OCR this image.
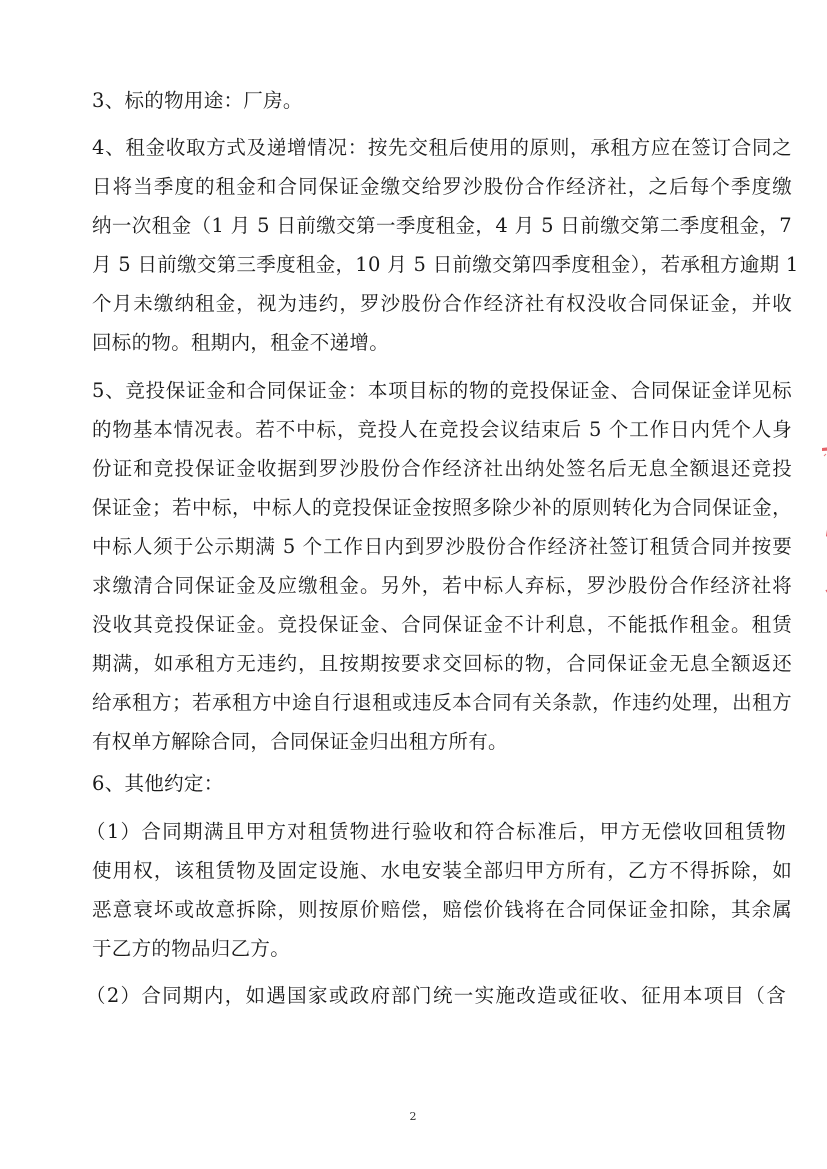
3、标的物用途：厂房。
4、租金收取方式及递增情况：按先交租后使用的原则，承租方应在签订合同之
日将当季度的租金和合同保证金缴交给罗沙股份合作经济社，之后每个季度缴
纳一次租金（1 月 5 日前缴交第一季度租金，4 月 5 日前缴交第二季度租金，7
月 5 日前缴交第三季度租金，10 月 5 日前缴交第四季度租金），若承租方逾期 1
个月未缴纳租金，视为违约，罗沙股份合作经济社有权没收合同保证金，并收
回标的物。租期内，租金不递增。
5、竞投保证金和合同保证金：本项目标的物的竞投保证金、合同保证金详见标
的物基本情况表。若不中标，竞投人在竞投会议结束后 5 个工作日内凭个人身
份证和竞投保证金收据到罗沙股份合作经济社出纳处签名后无息全额退还竞投
保证金；若中标，中标人的竞投保证金按照多除少补的原则转化为合同保证金，
中标人须于公示期满 5 个工作日内到罗沙股份合作经济社签订租赁合同并按要
求缴清合同保证金及应缴租金。另外，若中标人弃标，罗沙股份合作经济社将
没收其竞投保证金。竞投保证金、合同保证金不计利息，不能抵作租金。租赁
期满，如承租方无违约，且按期按要求交回标的物，合同保证金无息全额返还
给承租方；若承租方中途自行退租或违反本合同有关条款，作违约处理，出租方
有权单方解除合同，合同保证金归出租方所有。
6、其他约定：
（1）合同期满且甲方对租赁物进行验收和符合标准后，甲方无偿收回租赁物
使用权，该租赁物及固定设施、水电安装全部归甲方所有，乙方不得拆除，如
恶意衰坏或故意拆除，则按原价赔偿，赔偿价钱将在合同保证金扣除，其余属
于乙方的物品归乙方。
（2）合同期内，如遇国家或政府部门统一实施改造或征收、征用本项目（含
2
